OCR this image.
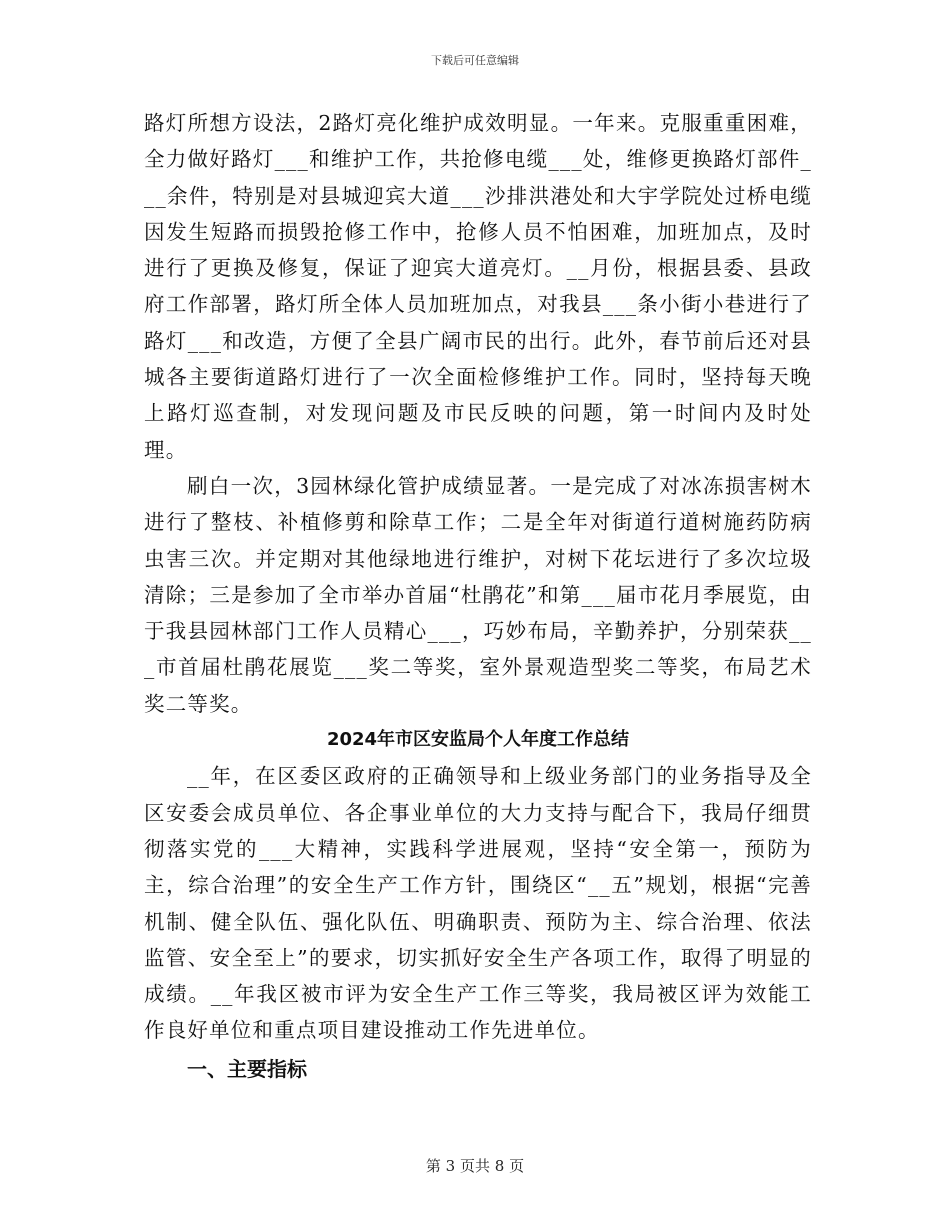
下载后可任意编辑

路灯所想方设法，2路灯亮化维护成效明显。一年来。克服重重困难，全力做好路灯___和维护工作，共抢修电缆___处，维修更换路灯部件___余件，特别是对县城迎宾大道___沙排洪港处和大宇学院处过桥电缆因发生短路而损毁抢修工作中，抢修人员不怕困难，加班加点，及时进行了更换及修复，保证了迎宾大道亮灯。__月份，根据县委、县政府工作部署，路灯所全体人员加班加点，对我县___条小街小巷进行了路灯___和改造，方便了全县广阔市民的出行。此外，春节前后还对县城各主要街道路灯进行了一次全面检修维护工作。同时，坚持每天晚上路灯巡查制，对发现问题及市民反映的问题，第一时间内及时处理。

刷白一次，3园林绿化管护成绩显著。一是完成了对冰冻损害树木进行了整枝、补植修剪和除草工作；二是全年对街道行道树施药防病虫害三次。并定期对其他绿地进行维护，对树下花坛进行了多次垃圾清除；三是参加了全市举办首届“杜鹃花”和第___届市花月季展览，由于我县园林部门工作人员精心___，巧妙布局，辛勤养护，分别荣获___市首届杜鹃花展览___奖二等奖，室外景观造型奖二等奖，布局艺术奖二等奖。

2024年市区安监局个人年度工作总结

__年，在区委区政府的正确领导和上级业务部门的业务指导及全区安委会成员单位、各企事业单位的大力支持与配合下，我局仔细贯彻落实党的___大精神，实践科学进展观，坚持“安全第一，预防为主，综合治理”的安全生产工作方针，围绕区“__五”规划，根据“完善机制、健全队伍、强化队伍、明确职责、预防为主、综合治理、依法监管、安全至上”的要求，切实抓好安全生产各项工作，取得了明显的成绩。__年我区被市评为安全生产工作三等奖，我局被区评为效能工作良好单位和重点项目建设推动工作先进单位。

一、主要指标
第 3 页共 8 页
